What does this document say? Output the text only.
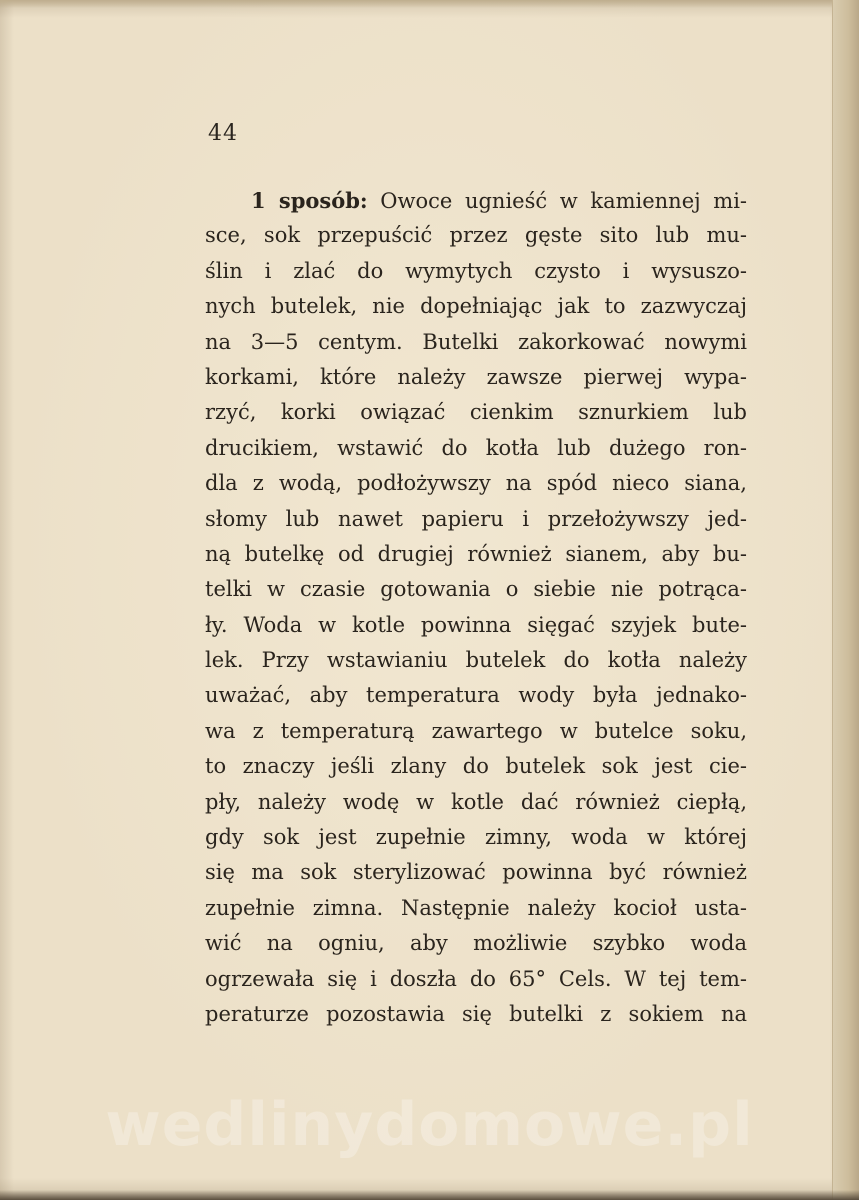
44
1 sposób: Owoce ugnieść w kamiennej mi-
sce, sok przepuścić przez gęste sito lub mu-
ślin i zlać do wymytych czysto i wysuszo-
nych butelek, nie dopełniając jak to zazwyczaj
na 3—5 centym. Butelki zakorkować nowymi
korkami, które należy zawsze pierwej wypa-
rzyć, korki owiązać cienkim sznurkiem lub
drucikiem, wstawić do kotła lub dużego ron-
dla z wodą, podłożywszy na spód nieco siana,
słomy lub nawet papieru i przełożywszy jed-
ną butelkę od drugiej również sianem, aby bu-
telki w czasie gotowania o siebie nie potrąca-
ły. Woda w kotle powinna sięgać szyjek bute-
lek. Przy wstawianiu butelek do kotła należy
uważać, aby temperatura wody była jednako-
wa z temperaturą zawartego w butelce soku,
to znaczy jeśli zlany do butelek sok jest cie-
pły, należy wodę w kotle dać również ciepłą,
gdy sok jest zupełnie zimny, woda w której
się ma sok sterylizować powinna być również
zupełnie zimna. Następnie należy kocioł usta-
wić na ogniu, aby możliwie szybko woda
ogrzewała się i doszła do 65° Cels. W tej tem-
peraturze pozostawia się butelki z sokiem na
wedlinydomowe.pl
